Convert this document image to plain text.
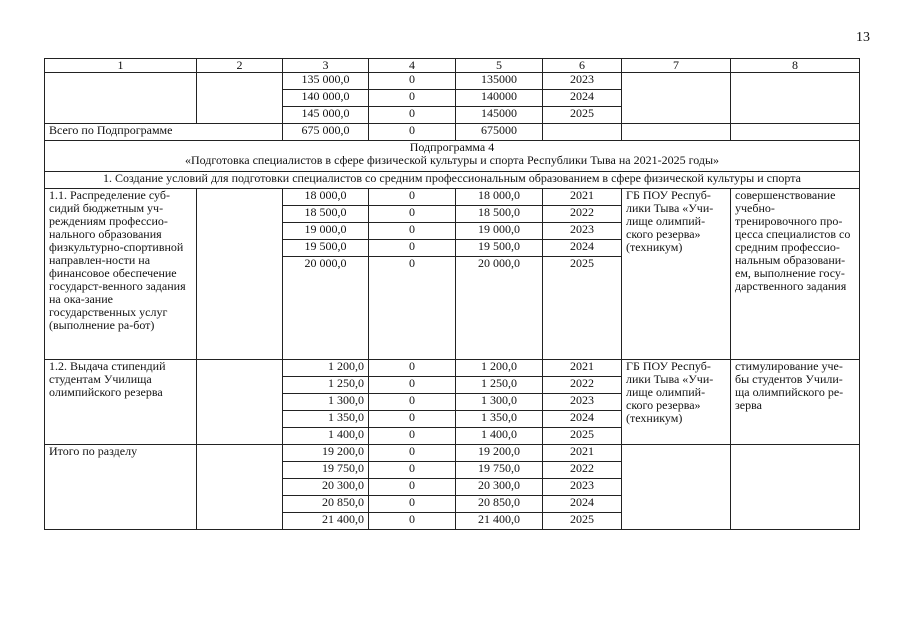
13
1	2	3	4	5	6	7	8
		135 000,0	0	135000	2023		
		140 000,0	0	140000	2024		
		145 000,0	0	145000	2025		
Всего по Подпрограмме		675 000,0	0	675000			

Подпрограмма 4
«Подготовка специалистов в сфере физической культуры и спорта Республики Тыва на 2021-2025 годы»							

1. Создание условий для подготовки специалистов со средним профессиональным образованием в сфере физической культуры и спорта							
1.1. Распределение суб-сидий бюджетным уч-реждениям профессио-нального образования физкультурно-спортивной направлен-ности на финансовое обеспечение государст-венного задания на ока-зание государственных услуг (выполнение ра-бот)		18 000,0	0	18 000,0	2021	ГБ ПОУ Респуб-лики Тыва «Учи-лище олимпий-ского резерва» (техникум)	совершенствование учебно-тренировочного про-цесса специалистов со средним профессио-нальным образовани-ем, выполнение госу-дарственного задания
		18 500,0	0	18 500,0	2022		
		19 000,0	0	19 000,0	2023		
		19 500,0	0	19 500,0	2024		
		20 000,0	0	20 000,0	2025		
1.2. Выдача стипендий студентам Училища олимпийского резерва		1 200,0	0	1 200,0	2021	ГБ ПОУ Респуб-лики Тыва «Учи-лище олимпий-ского резерва» (техникум)	стимулирование уче-бы студентов Учили-ща олимпийского ре-зерва
		1 250,0	0	1 250,0	2022		
		1 300,0	0	1 300,0	2023		
		1 350,0	0	1 350,0	2024		
		1 400,0	0	1 400,0	2025		
Итого по разделу		19 200,0	0	19 200,0	2021		
		19 750,0	0	19 750,0	2022		
		20 300,0	0	20 300,0	2023		
		20 850,0	0	20 850,0	2024		
		21 400,0	0	21 400,0	2025		
